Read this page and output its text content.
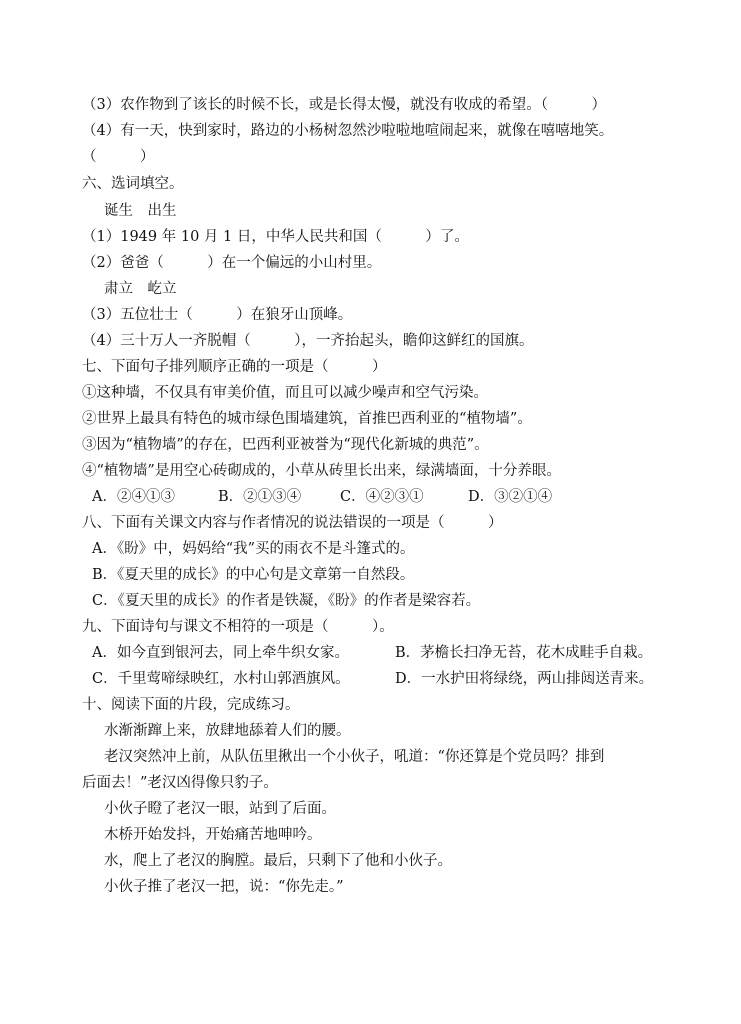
（3）农作物到了该长的时候不长，或是长得太慢，就没有收成的希望。（　　　）
（4）有一天，快到家时，路边的小杨树忽然沙啦啦地喧闹起来，就像在嘻嘻地笑。
（　　　）
六、选词填空。
诞生　出生
（1）1949 年 10 月 1 日，中华人民共和国（　　　）了。
（2）爸爸（　　　）在一个偏远的小山村里。
肃立　屹立
（3）五位壮士（　　　）在狼牙山顶峰。
（4）三十万人一齐脱帽（　　　），一齐抬起头，瞻仰这鲜红的国旗。
七、下面句子排列顺序正确的一项是（　　　）
①这种墙，不仅具有审美价值，而且可以减少噪声和空气污染。
②世界上最具有特色的城市绿色围墙建筑，首推巴西利亚的“植物墙”。
③因为“植物墙”的存在，巴西利亚被誉为“现代化新城的典范”。
④“植物墙”是用空心砖砌成的，小草从砖里长出来，绿满墙面，十分养眼。
A．②④①③	B．②①③④	C．④②③①	D．③②①④
八、下面有关课文内容与作者情况的说法错误的一项是（　　　）
A．《盼》中，妈妈给“我”买的雨衣不是斗篷式的。
B．《夏天里的成长》的中心句是文章第一自然段。
C．《夏天里的成长》的作者是铁凝，《盼》的作者是梁容若。
九、下面诗句与课文不相符的一项是（　　　）。
A．如今直到银河去，同上牵牛织女家。	B．茅檐长扫净无苔，花木成畦手自栽。
C．千里莺啼绿映红，水村山郭酒旗风。	D．一水护田将绿绕，两山排闼送青来。
十、阅读下面的片段，完成练习。
水渐渐蹿上来，放肆地舔着人们的腰。
老汉突然冲上前，从队伍里揪出一个小伙子，吼道：“你还算是个党员吗？排到
后面去！”老汉凶得像只豹子。
小伙子瞪了老汉一眼，站到了后面。
木桥开始发抖，开始痛苦地呻吟。
水，爬上了老汉的胸膛。最后，只剩下了他和小伙子。
小伙子推了老汉一把，说：“你先走。”
